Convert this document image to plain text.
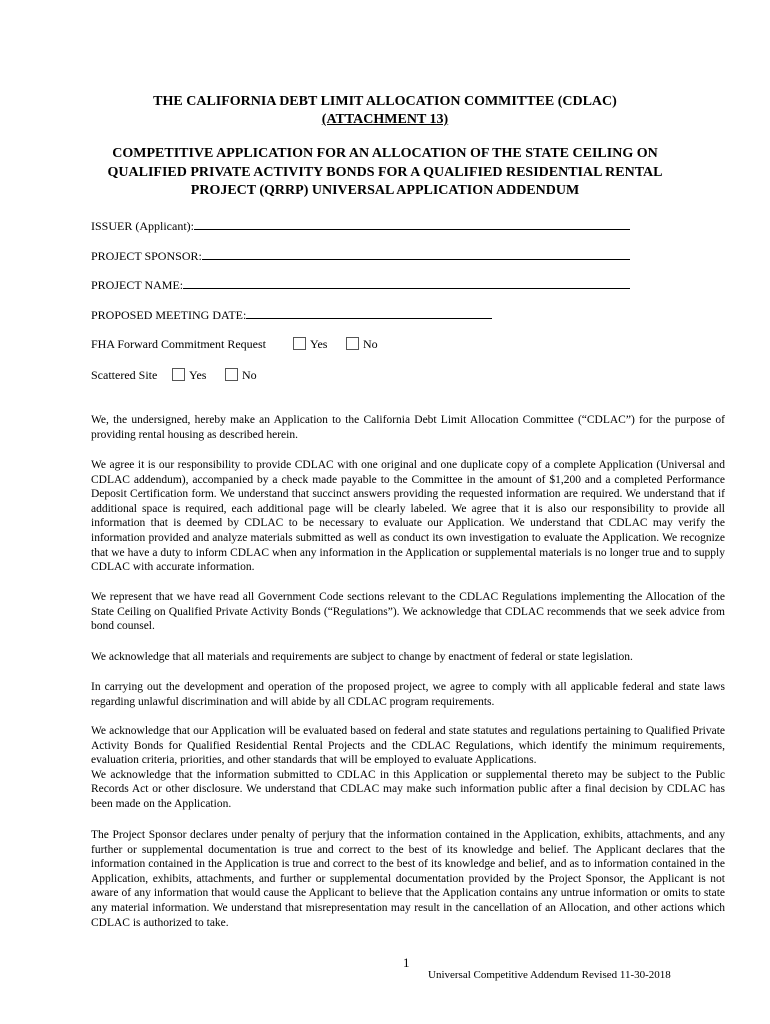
THE CALIFORNIA DEBT LIMIT ALLOCATION COMMITTEE (CDLAC)
(ATTACHMENT 13)
COMPETITIVE APPLICATION FOR AN ALLOCATION OF THE STATE CEILING ON
QUALIFIED PRIVATE ACTIVITY BONDS FOR A QUALIFIED RESIDENTIAL RENTAL
PROJECT (QRRP) UNIVERSAL APPLICATION ADDENDUM
ISSUER (Applicant):
PROJECT SPONSOR:
PROJECT NAME:
PROPOSED MEETING DATE:
FHA Forward Commitment Request	Yes	No
Scattered Site	Yes	No
We, the undersigned, hereby make an Application to the California Debt Limit Allocation Committee (“CDLAC”) for the purpose of providing rental housing as described herein.
We agree it is our responsibility to provide CDLAC with one original and one duplicate copy of a complete Application (Universal and CDLAC addendum), accompanied by a check made payable to the Committee in the amount of $1,200 and a completed Performance Deposit Certification form. We understand that succinct answers providing the requested information are required. We understand that if additional space is required, each additional page will be clearly labeled. We agree that it is also our responsibility to provide all information that is deemed by CDLAC to be necessary to evaluate our Application. We understand that CDLAC may verify the information provided and analyze materials submitted as well as conduct its own investigation to evaluate the Application. We recognize that we have a duty to inform CDLAC when any information in the Application or supplemental materials is no longer true and to supply CDLAC with accurate information.
We represent that we have read all Government Code sections relevant to the CDLAC Regulations implementing the Allocation of the State Ceiling on Qualified Private Activity Bonds (“Regulations”). We acknowledge that CDLAC recommends that we seek advice from bond counsel.
We acknowledge that all materials and requirements are subject to change by enactment of federal or state legislation.
In carrying out the development and operation of the proposed project, we agree to comply with all applicable federal and state laws regarding unlawful discrimination and will abide by all CDLAC program requirements.
We acknowledge that our Application will be evaluated based on federal and state statutes and regulations pertaining to Qualified Private Activity Bonds for Qualified Residential Rental Projects and the CDLAC Regulations, which identify the minimum requirements, evaluation criteria, priorities, and other standards that will be employed to evaluate Applications.
We acknowledge that the information submitted to CDLAC in this Application or supplemental thereto may be subject to the Public Records Act or other disclosure. We understand that CDLAC may make such information public after a final decision by CDLAC has been made on the Application.
The Project Sponsor declares under penalty of perjury that the information contained in the Application, exhibits, attachments, and any further or supplemental documentation is true and correct to the best of its knowledge and belief. The Applicant declares that the information contained in the Application is true and correct to the best of its knowledge and belief, and as to information contained in the Application, exhibits, attachments, and further or supplemental documentation provided by the Project Sponsor, the Applicant is not aware of any information that would cause the Applicant to believe that the Application contains any untrue information or omits to state any material information. We understand that misrepresentation may result in the cancellation of an Allocation, and other actions which CDLAC is authorized to take.
1
Universal Competitive Addendum Revised 11-30-2018
